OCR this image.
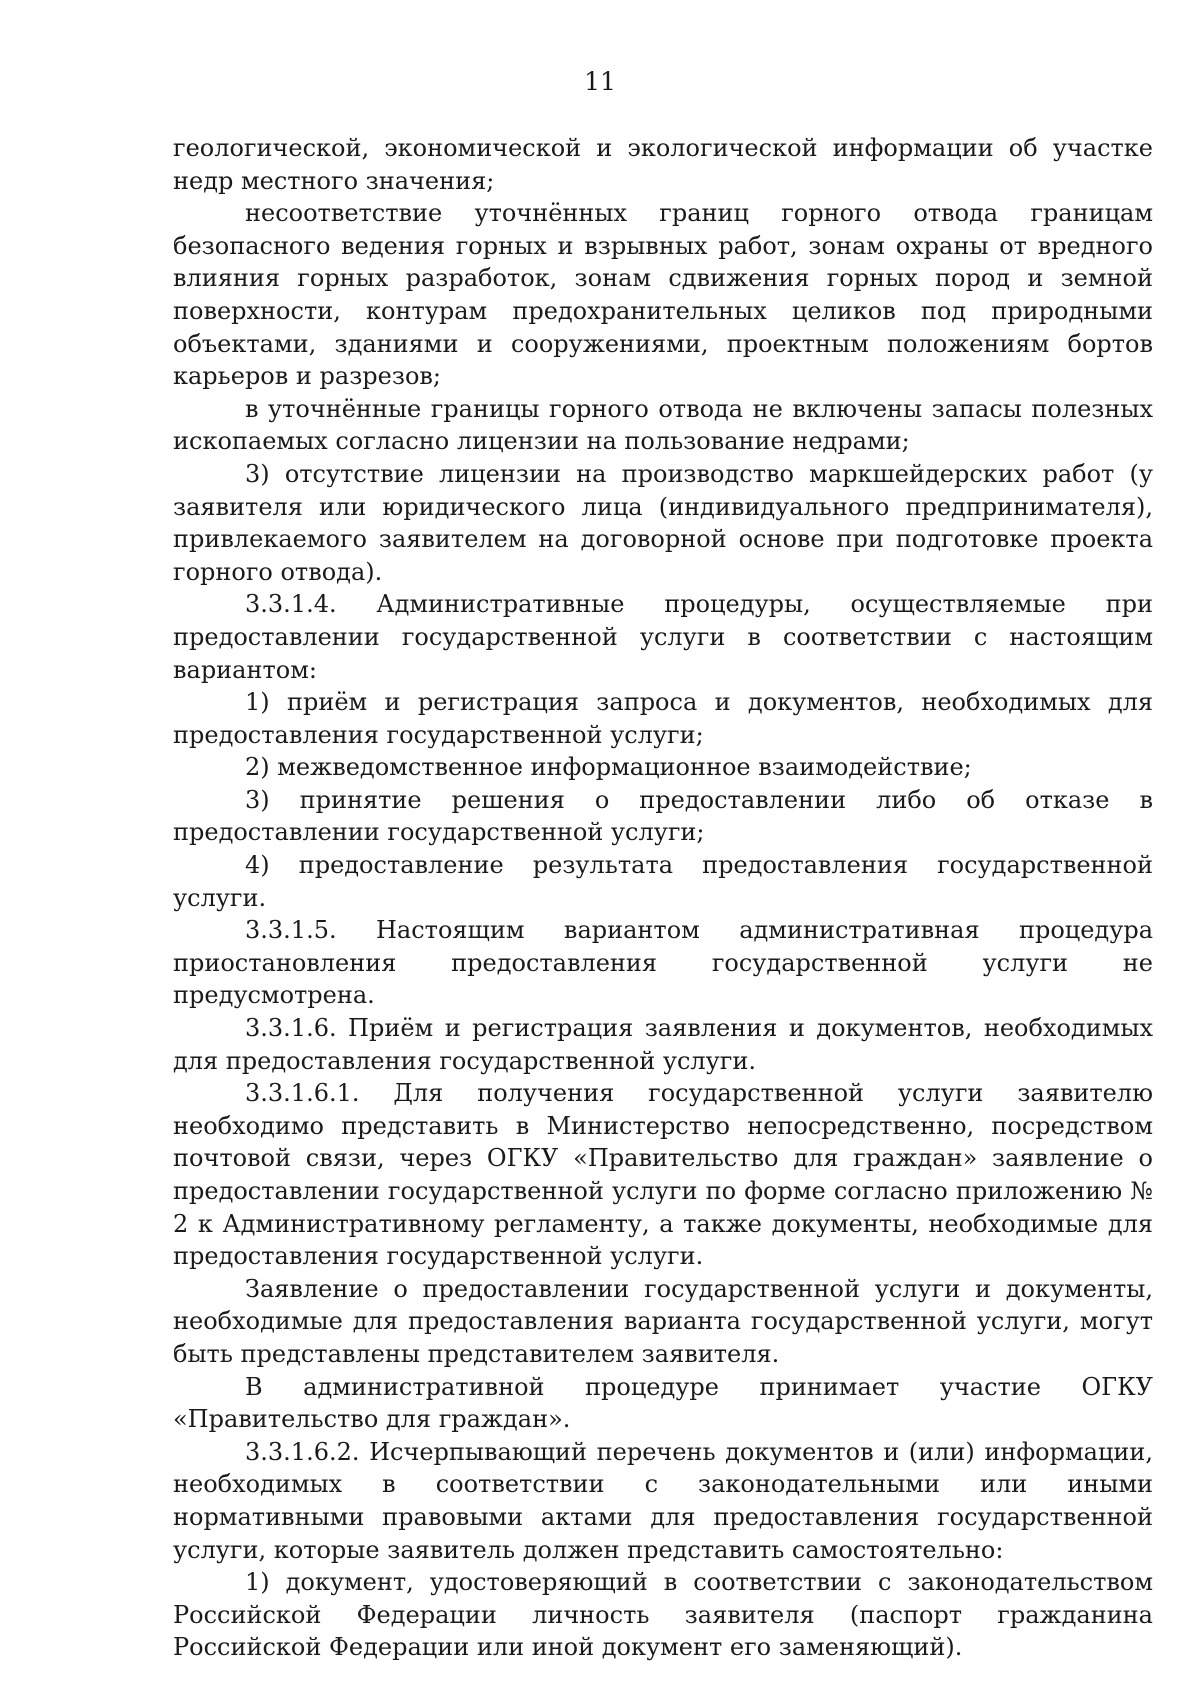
11

геологической, экономической и экологической информации об участке недр местного значения;

несоответствие уточнённых границ горного отвода границам безопасного ведения горных и взрывных работ, зонам охраны от вредного влияния горных разработок, зонам сдвижения горных пород и земной поверхности, контурам предохранительных целиков под природными объектами, зданиями и сооружениями, проектным положениям бортов карьеров и разрезов;

в уточнённые границы горного отвода не включены запасы полезных ископаемых согласно лицензии на пользование недрами;

3) отсутствие лицензии на производство маркшейдерских работ (у заявителя или юридического лица (индивидуального предпринимателя), привлекаемого заявителем на договорной основе при подготовке проекта горного отвода).

3.3.1.4. Административные процедуры, осуществляемые при предоставлении государственной услуги в соответствии с настоящим вариантом:

1) приём и регистрация запроса и документов, необходимых для предоставления государственной услуги;

2) межведомственное информационное взаимодействие;

3) принятие решения о предоставлении либо об отказе в предоставлении государственной услуги;

4) предоставление результата предоставления государственной услуги.

3.3.1.5. Настоящим вариантом административная процедура приостановления предоставления государственной услуги не предусмотрена.

3.3.1.6. Приём и регистрация заявления и документов, необходимых для предоставления государственной услуги.

3.3.1.6.1. Для получения государственной услуги заявителю необходимо представить в Министерство непосредственно, посредством почтовой связи, через ОГКУ «Правительство для граждан» заявление о предоставлении государственной услуги по форме согласно приложению № 2 к Административному регламенту, а также документы, необходимые для предоставления государственной услуги.

Заявление о предоставлении государственной услуги и документы, необходимые для предоставления варианта государственной услуги, могут быть представлены представителем заявителя.

В административной процедуре принимает участие ОГКУ «Правительство для граждан».

3.3.1.6.2. Исчерпывающий перечень документов и (или) информации, необходимых в соответствии с законодательными или иными нормативными правовыми актами для предоставления государственной услуги, которые заявитель должен представить самостоятельно:

1) документ, удостоверяющий в соответствии с законодательством Российской Федерации личность заявителя (паспорт гражданина Российской Федерации или иной документ его заменяющий).
